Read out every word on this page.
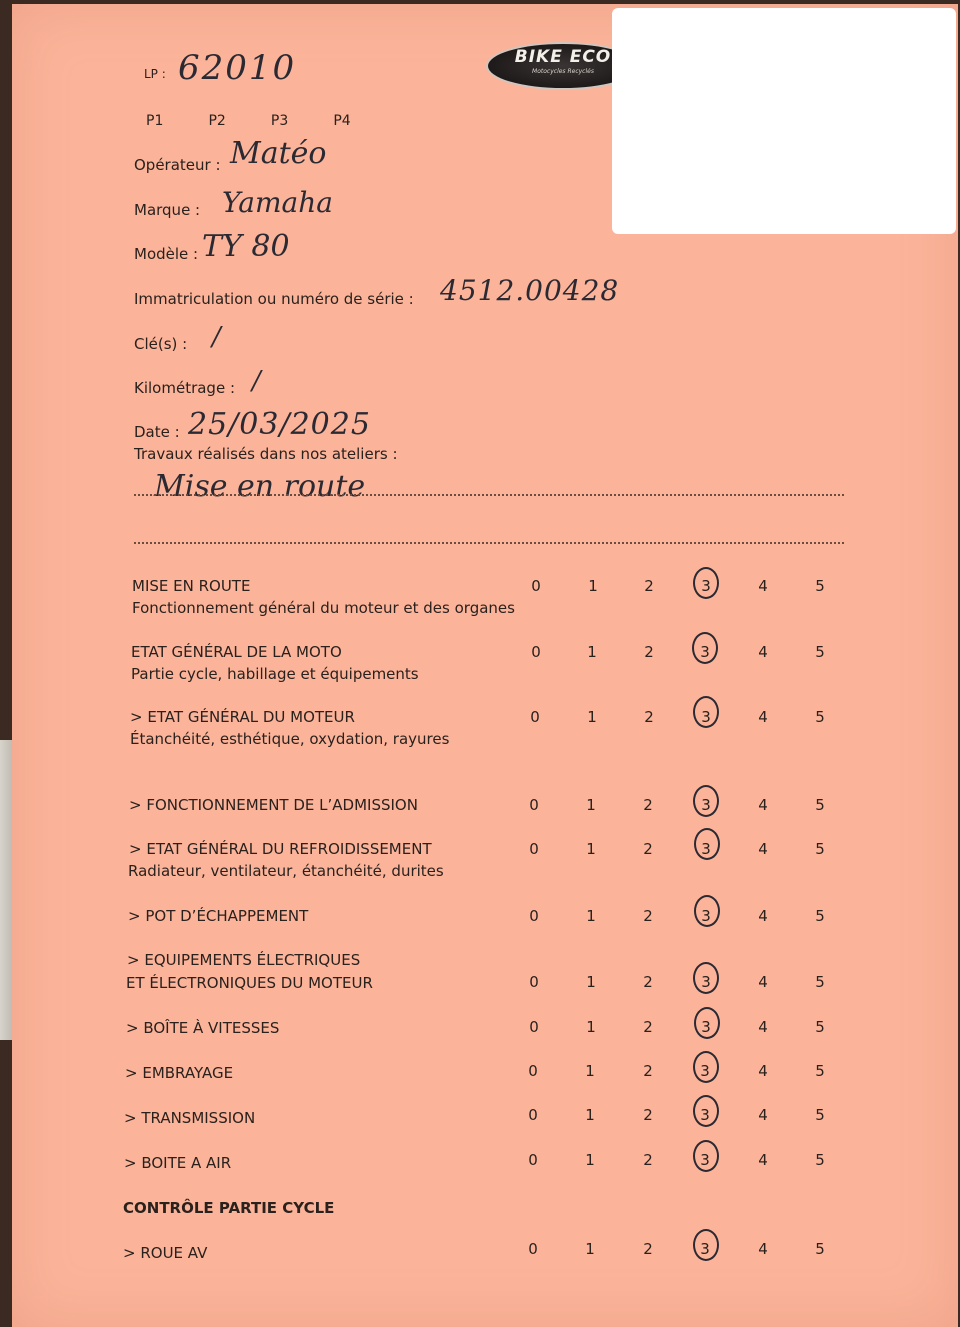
BIKE ECO
Motocycles Recyclés
LP : 62010
P1	P2	P3	P4
Opérateur : Matéo
Marque : Yamaha
Modèle : TY 80
Immatriculation ou numéro de série : 4512.00428
Clé(s) : /
Kilométrage : /
Date : 25/03/2025
Travaux réalisés dans nos ateliers :
Mise en route
MISE EN ROUTE
Fonctionnement général du moteur et des organes
0	1	2	3	4	5
ETAT GÉNÉRAL DE LA MOTO
Partie cycle, habillage et équipements
0	1	2	3	4	5
> ETAT GÉNÉRAL DU MOTEUR
Étanchéité, esthétique, oxydation, rayures
0	1	2	3	4	5
> FONCTIONNEMENT DE L’ADMISSION	0	1	2	3	4	5
> ETAT GÉNÉRAL DU REFROIDISSEMENT
Radiateur, ventilateur, étanchéité, durites
0	1	2	3	4	5
> POT D’ÉCHAPPEMENT	0	1	2	3	4	5
> EQUIPEMENTS ÉLECTRIQUES
ET ÉLECTRONIQUES DU MOTEUR	0	1	2	3	4	5
> BOÎTE À VITESSES	0	1	2	3	4	5
> EMBRAYAGE	0	1	2	3	4	5
> TRANSMISSION	0	1	2	3	4	5
> BOITE A AIR	0	1	2	3	4	5
CONTRÔLE PARTIE CYCLE
> ROUE AV	0	1	2	3	4	5
